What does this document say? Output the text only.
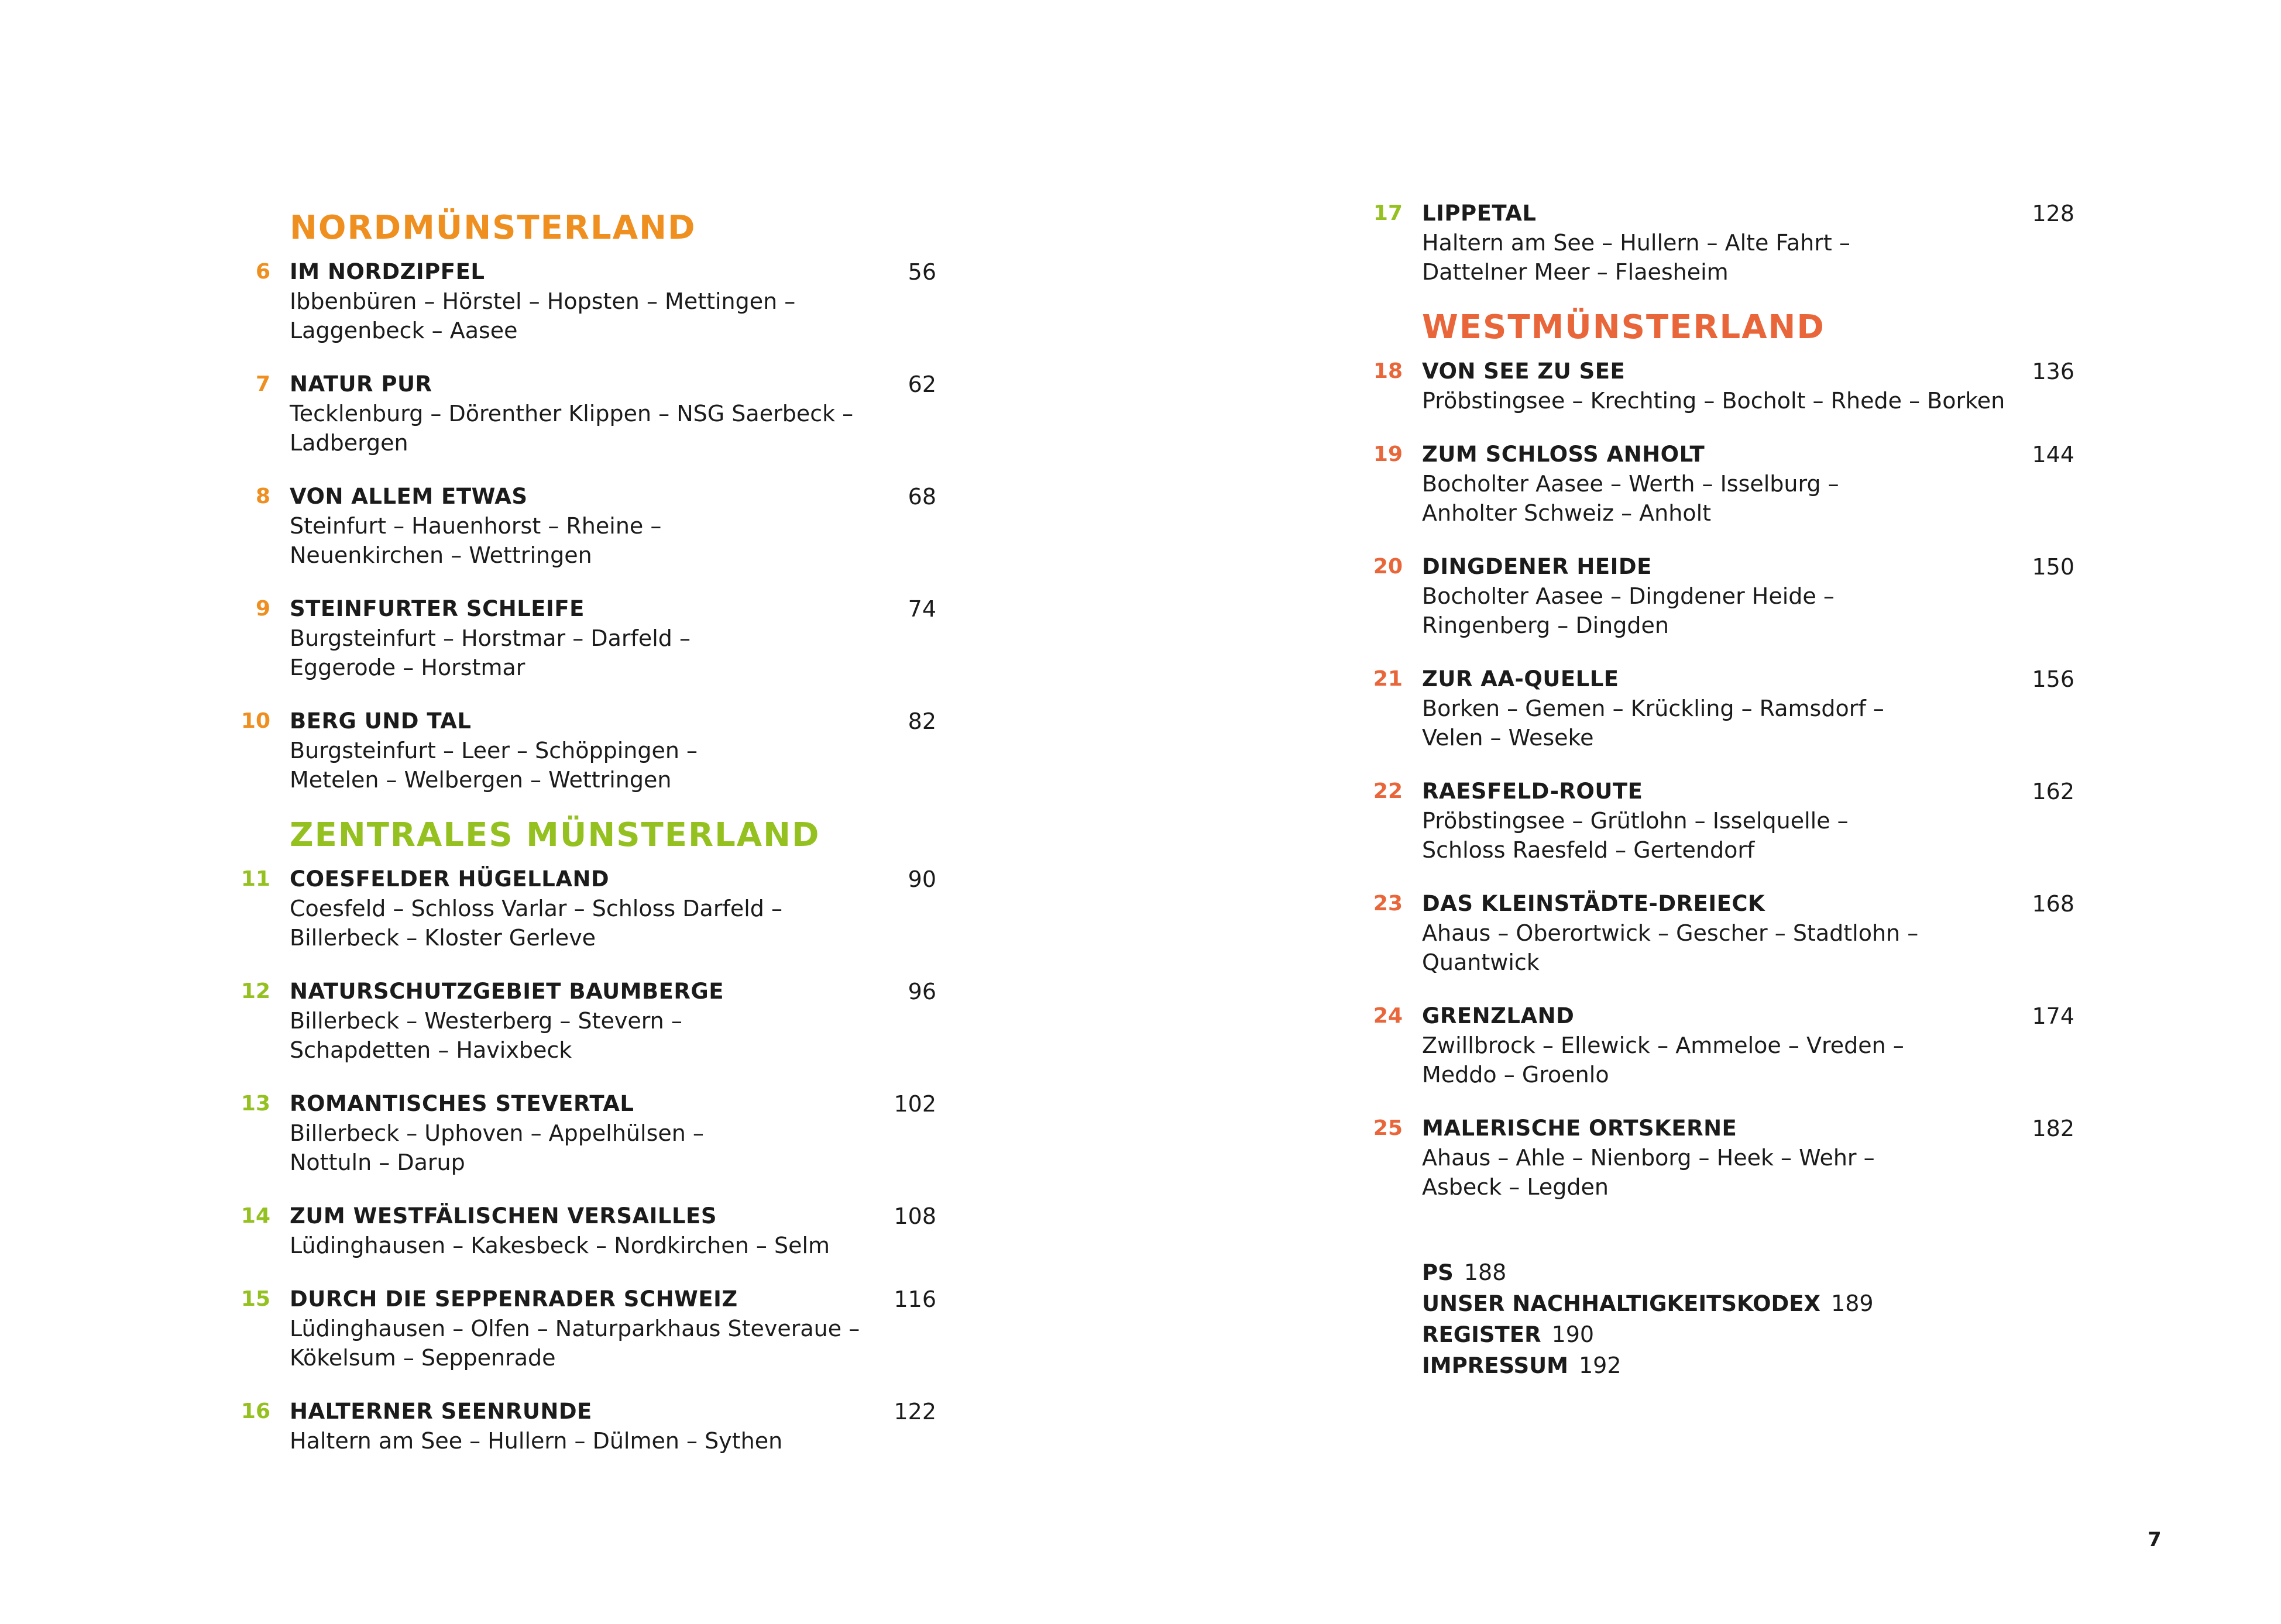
NORDMÜNSTERLAND
6 IM NORDZIPFEL	56
Ibbenbüren – Hörstel – Hopsten – Mettingen –
Laggenbeck – Aasee
7 NATUR PUR	62
Tecklenburg – Dörenther Klippen – NSG Saerbeck –
Ladbergen
8 VON ALLEM ETWAS	68
Steinfurt – Hauenhorst – Rheine –
Neuenkirchen – Wettringen
9 STEINFURTER SCHLEIFE	74
Burgsteinfurt – Horstmar – Darfeld –
Eggerode – Horstmar
10 BERG UND TAL	82
Burgsteinfurt – Leer – Schöppingen –
Metelen – Welbergen – Wettringen
ZENTRALES MÜNSTERLAND
11 COESFELDER HÜGELLAND	90
Coesfeld – Schloss Varlar – Schloss Darfeld –
Billerbeck – Kloster Gerleve
12 NATURSCHUTZGEBIET BAUMBERGE	96
Billerbeck – Westerberg – Stevern –
Schapdetten – Havixbeck
13 ROMANTISCHES STEVERTAL	102
Billerbeck – Uphoven – Appelhülsen –
Nottuln – Darup
14 ZUM WESTFÄLISCHEN VERSAILLES	108
Lüdinghausen – Kakesbeck – Nordkirchen – Selm
15 DURCH DIE SEPPENRADER SCHWEIZ	116
Lüdinghausen – Olfen – Naturparkhaus Steveraue –
Kökelsum – Seppenrade
16 HALTERNER SEENRUNDE	122
Haltern am See – Hullern – Dülmen – Sythen
17 LIPPETAL	128
Haltern am See – Hullern – Alte Fahrt –
Dattelner Meer – Flaesheim
WESTMÜNSTERLAND
18 VON SEE ZU SEE	136
Pröbstingsee – Krechting – Bocholt – Rhede – Borken
19 ZUM SCHLOSS ANHOLT	144
Bocholter Aasee – Werth – Isselburg –
Anholter Schweiz – Anholt
20 DINGDENER HEIDE	150
Bocholter Aasee – Dingdener Heide –
Ringenberg – Dingden
21 ZUR AA-QUELLE	156
Borken – Gemen – Krückling – Ramsdorf –
Velen – Weseke
22 RAESFELD-ROUTE	162
Pröbstingsee – Grütlohn – Isselquelle –
Schloss Raesfeld – Gertendorf
23 DAS KLEINSTÄDTE-DREIECK	168
Ahaus – Oberortwick – Gescher – Stadtlohn –
Quantwick
24 GRENZLAND	174
Zwillbrock – Ellewick – Ammeloe – Vreden –
Meddo – Groenlo
25 MALERISCHE ORTSKERNE	182
Ahaus – Ahle – Nienborg – Heek – Wehr –
Asbeck – Legden
PS 188
UNSER NACHHALTIGKEITSKODEX 189
REGISTER 190
IMPRESSUM 192
7
